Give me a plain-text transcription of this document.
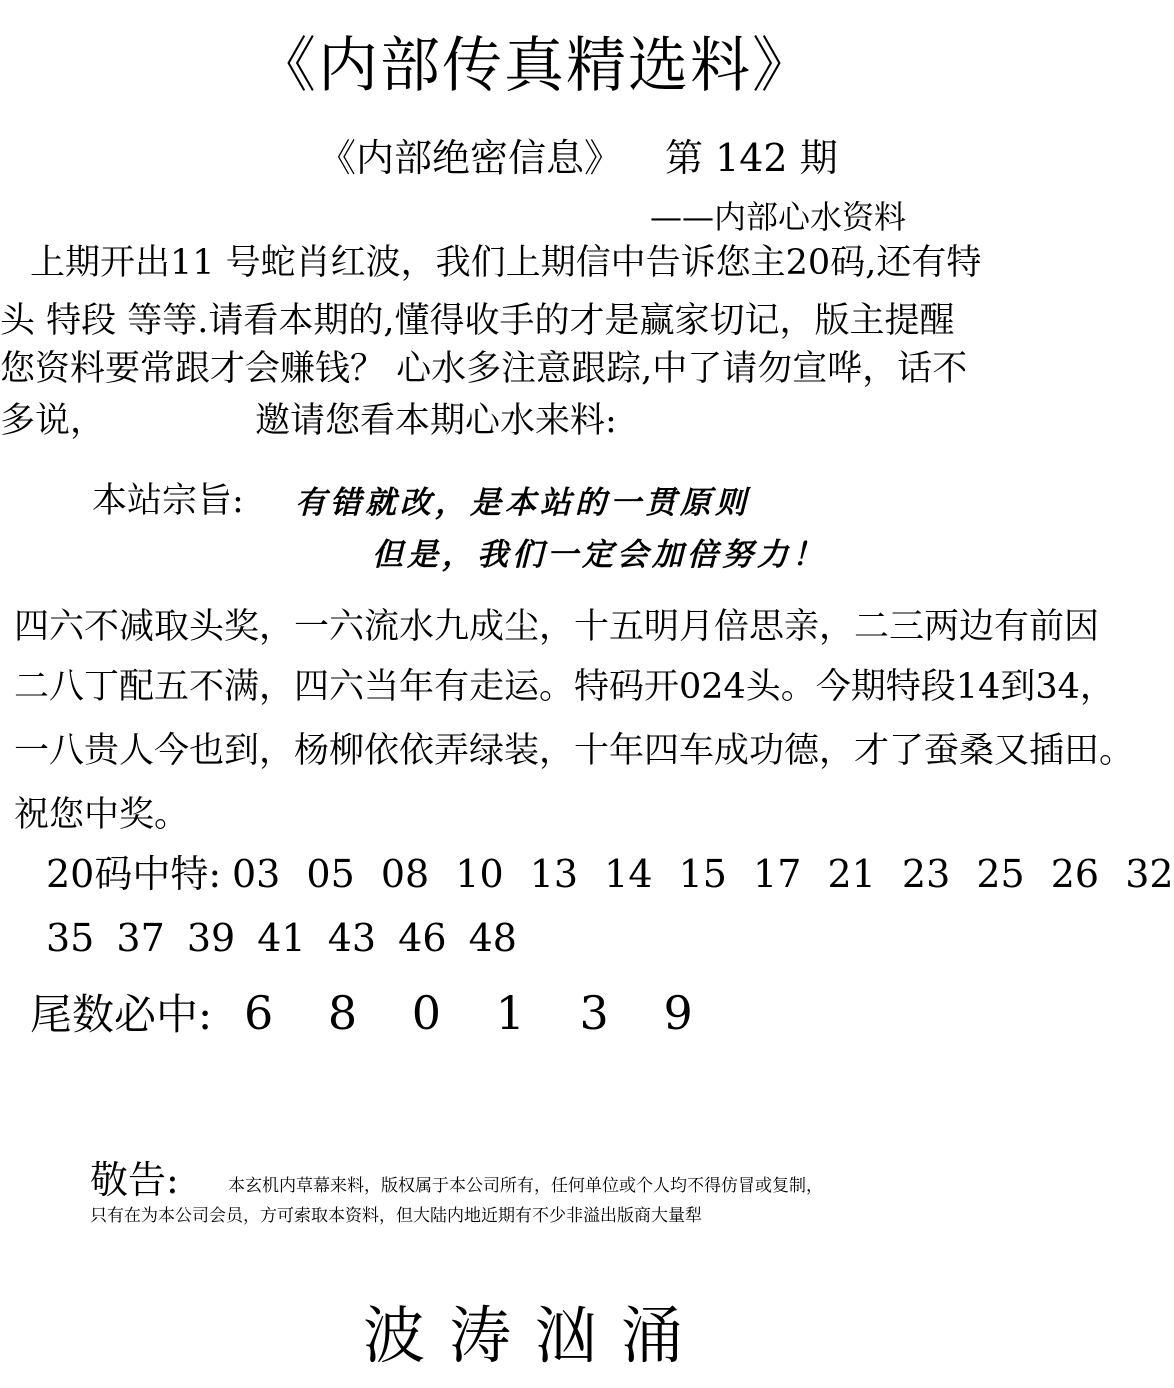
《内部传真精选料》
《内部绝密信息》 第 142 期
——内部心水资料
上期开出11 号蛇肖红波，我们上期信中告诉您主20码,还有特
头 特段 等等.请看本期的,懂得收手的才是赢家切记，版主提醒
您资料要常跟才会赚钱？ 心水多注意跟踪,中了请勿宣哗，话不
多说，	邀请您看本期心水来料:
本站宗旨: 有错就改，是本站的一贯原则
但是，我们一定会加倍努力！
四六不减取头奖，一六流水九成尘，十五明月倍思亲，二三两边有前因
二八丁配五不满，四六当年有走运。特码开024头。今期特段14到34，
一八贵人今也到，杨柳依依弄绿装，十年四车成功德，才了蚕桑又插田。
祝您中奖。
20码中特: 03 05 08 10 13 14 15 17 21 23 25 26 32
35 37 39 41 43 46 48
尾数必中: 6 8 0 1 3 9
敬告:	本玄机内草幕来料，版权属于本公司所有，任何单位或个人均不得仿冒或复制，
只有在为本公司会员，方可索取本资料，但大陆内地近期有不少非溢出版商大量犁
波涛汹涌
